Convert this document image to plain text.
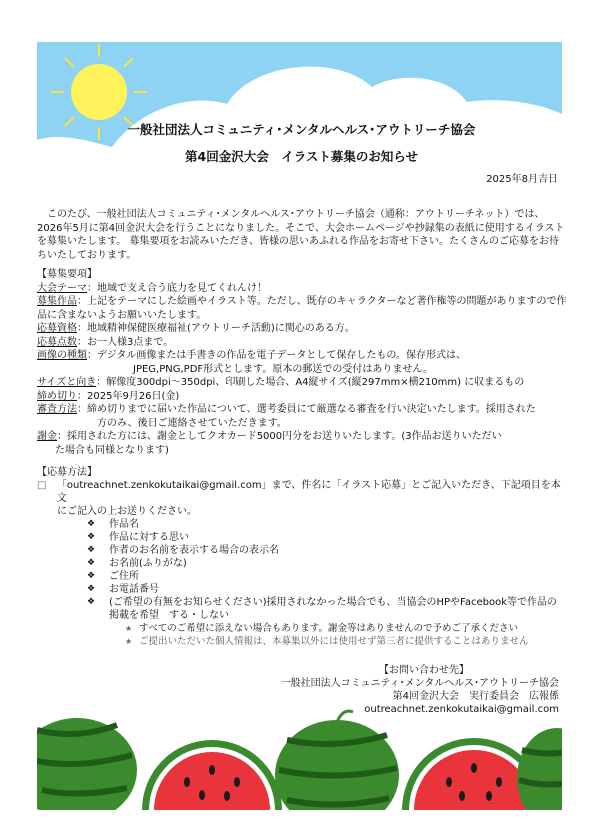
一般社団法人コミュニティ･メンタルヘルス･アウトリーチ協会
第4回金沢大会　イラスト募集のお知らせ
2025年8月吉日
　このたび、一般社団法人コミュニティ･メンタルヘルス･アウトリーチ協会（通称：アウトリーチネット）では、2026年5月に第4回金沢大会を行うことになりました。そこで、大会ホームページや抄録集の表紙に使用するイラストを募集いたします。 募集要項をお読みいただき、皆様の思いあふれる作品をお寄せ下さい。たくさんのご応募をお待ちいたしております。

【募集要項】

大会テーマ：地域で支え合う底力を見てくれんけ！

募集作品：上記をテーマにした絵画やイラスト等。ただし、既存のキャラクターなど著作権等の問題がありますので作品に含まないようお願いいたします。

応募資格：地域精神保健医療福祉(アウトリーチ活動)に関心のある方。

応募点数：お一人様3点まで。

画像の種類：デジタル画像または手書きの作品を電子データとして保存したもの。保存形式は、

JPEG,PNG,PDF形式とします。原本の郵送での受付はありません。

サイズと向き：解像度300dpi～350dpi、印刷した場合、A4縦サイズ(縦297mm×横210mm) に収まるもの

締め切り：2025年9月26日(金)

審査方法：締め切りまでに届いた作品について、選考委員にて厳選なる審査を行い決定いたします。採用された

方のみ、後日ご連絡させていただきます。

謝金：採用された方には、謝金としてクオカード5000円分をお送りいたします。(3作品お送りいただい

た場合も同様となります)

【応募方法】

□	「outreachnet.zenkokutaikai@gmail.com」まで、件名に「イラスト応募」とご記入いただき、下記項目を本文

にご記入の上お送りください。

❖	作品名

❖	作品に対する思い

❖	作者のお名前を表示する場合の表示名

❖	お名前(ふりがな)

❖	ご住所

❖	お電話番号

❖	(ご希望の有無をお知らせください)採用されなかった場合でも、当協会のHPやFacebook等で作品の

掲載を希望　する・しない

★ すべてのご希望に添えない場合もあります。謝金等はありませんので予めご了承ください

★ ご提出いただいた個人情報は、本募集以外には使用せず第三者に提供することはありません

【お問い合わせ先】
一般社団法人コミュニティ･メンタルヘルス･アウトリーチ協会
第4回金沢大会　実行委員会　広報係
outreachnet.zenkokutaikai@gmail.com
